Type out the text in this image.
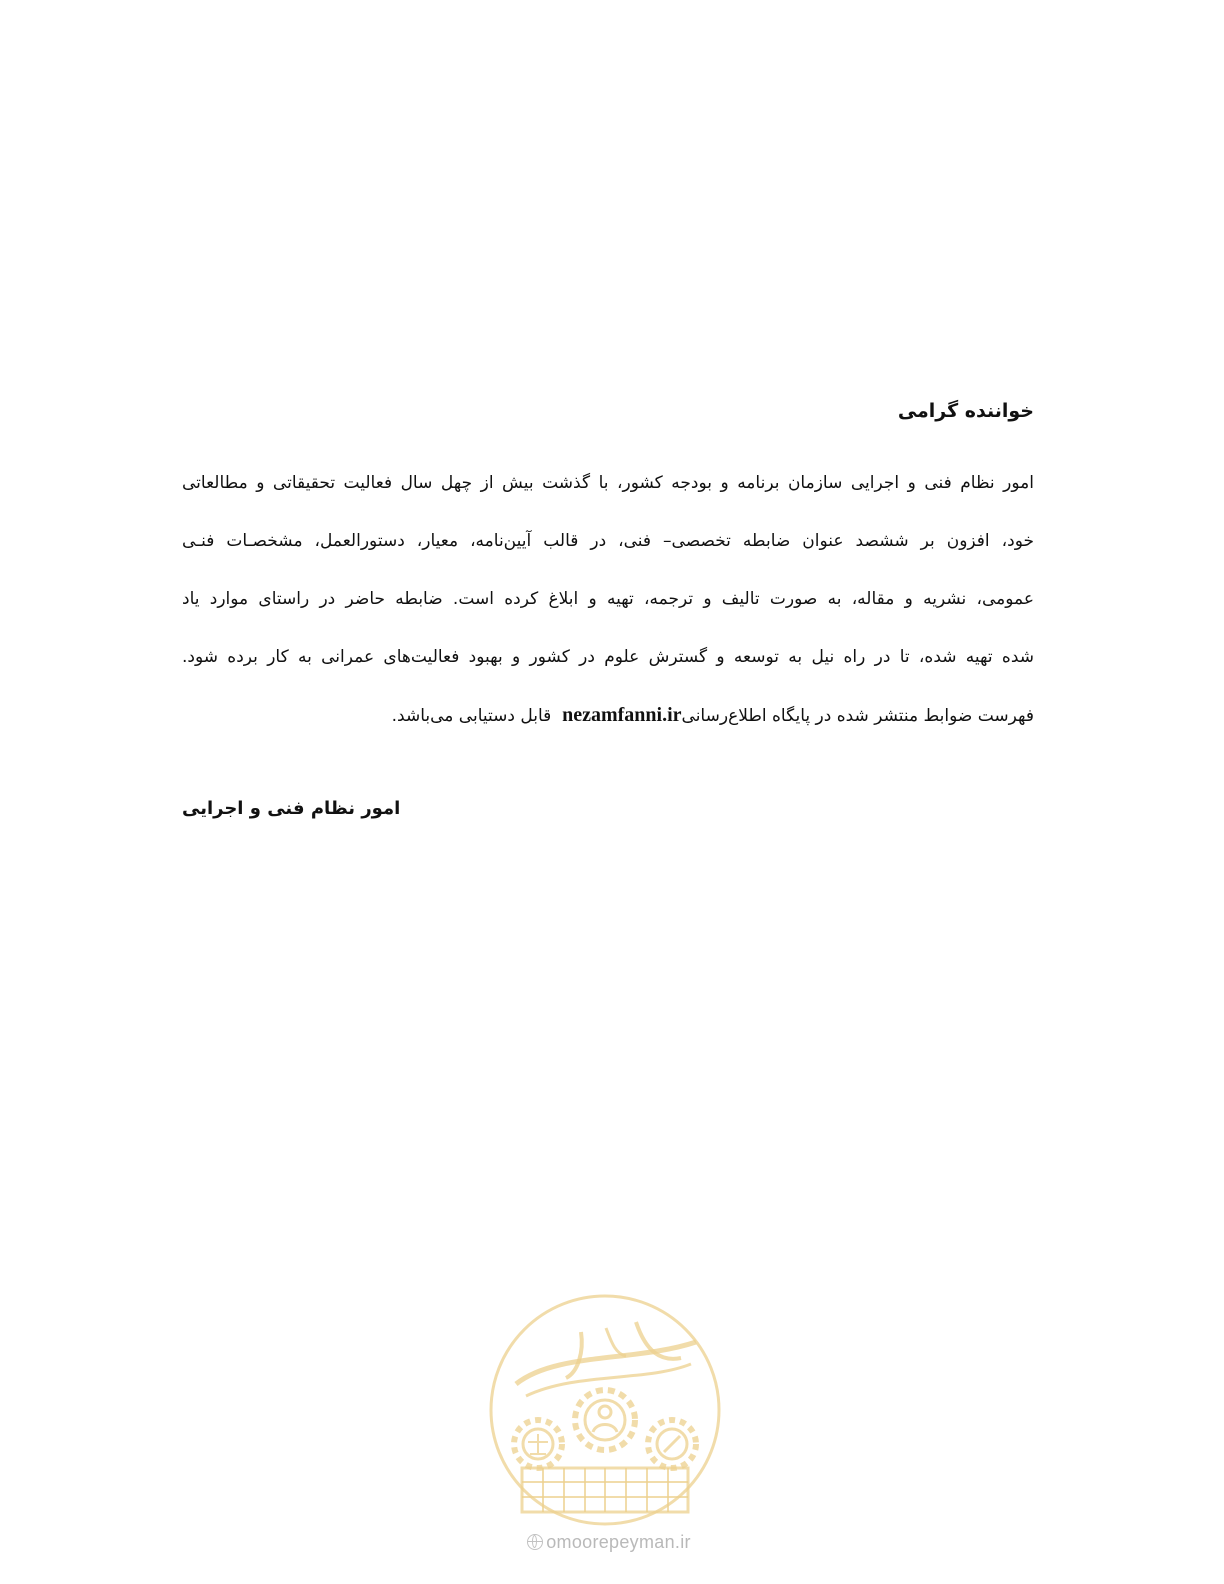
خواننده گرامی

امور نظام فنی و اجرایی سازمان برنامه و بودجه کشور، با گذشت بیش از چهل سال فعالیت تحقیقاتی و مطالعاتی
خود، افزون بر ششصد عنوان ضابطه تخصصی– فنی، در قالب آیین‌نامه، معیار، دستورالعمل، مشخصـات فنـی
عمومی، نشریه و مقاله، به صورت تالیف و ترجمه، تهیه و ابلاغ کرده است. ضابطه حاضر در راستای موارد یاد
شده تهیه شده، تا در راه نیل به توسعه و گسترش علوم در کشور و بهبود فعالیت‌های عمرانی به کار برده شود.
فهرست ضوابط منتشر شده در پایگاه اطلاع‌رسانیnezamfanni.ir  قابل دستیابی می‌باشد.
امور نظام فنی و اجرایی
omoorepeyman.ir
